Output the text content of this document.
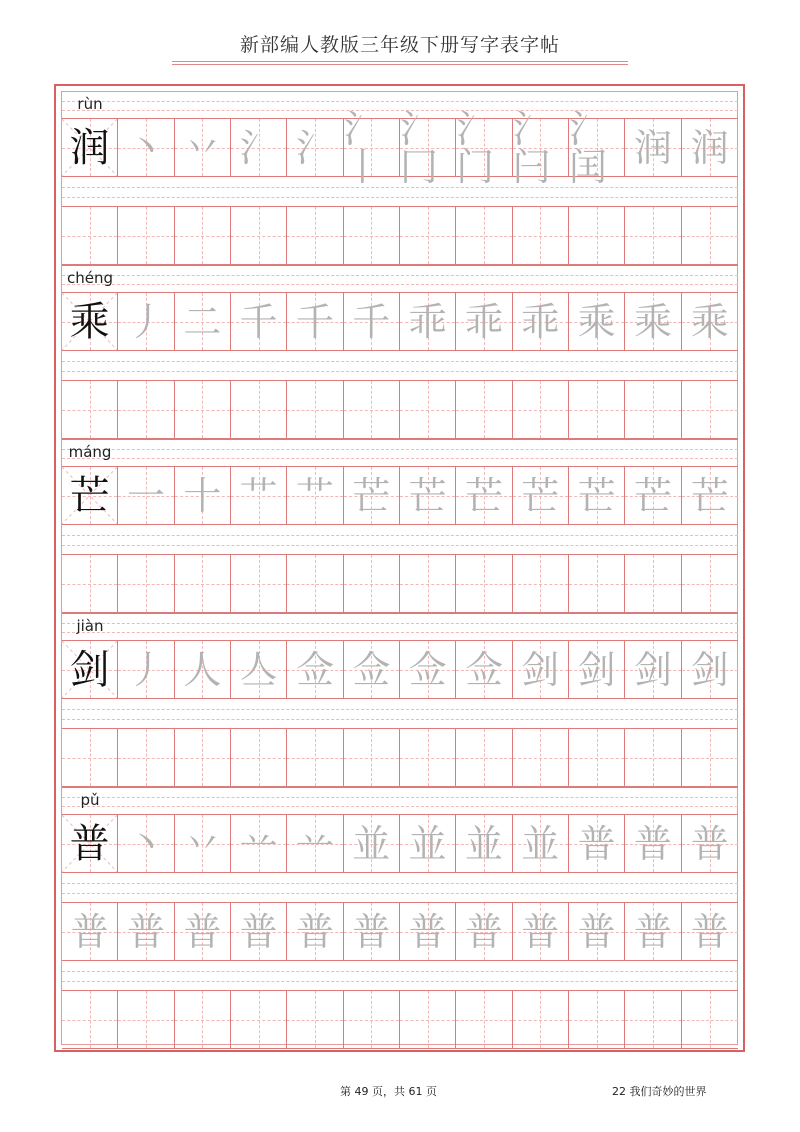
新部编人教版三年级下册写字表字帖
rùn
润 丶 丷 氵 氵 氵丨
氵冂
氵门
氵闩
氵闰 润 润
chéng
乘 丿 二 千 千 千 乖 乖 乖 乘 乘 乘
máng
芒 一 十 艹 艹 芒 芒 芒 芒 芒 芒 芒
jiàn
剑 丿 人 亼 佥 佥 佥 佥 剑 剑 剑 剑
pǔ
普 丶 丷 䒑 䒑 並 並 並 並 普 普 普
普 普 普 普 普 普 普 普 普 普 普 普
第 49 页，共 61 页	22 我们奇妙的世界
